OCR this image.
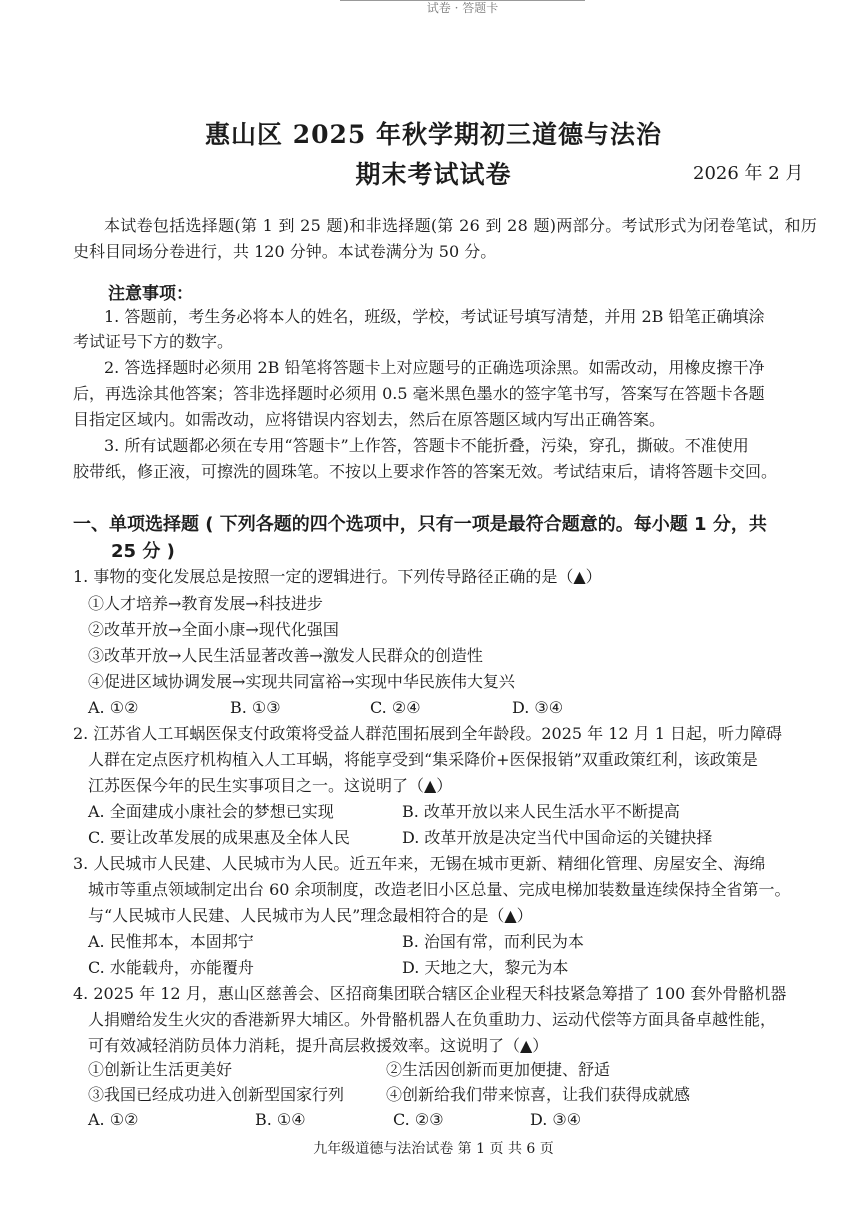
试卷 · 答题卡
惠山区 2025 年秋学期初三道德与法治
期末考试试卷	2026 年 2 月
本试卷包括选择题(第 1 到 25 题)和非选择题(第 26 到 28 题)两部分。考试形式为闭卷笔试，和历
史科目同场分卷进行，共 120 分钟。本试卷满分为 50 分。
注意事项：
1. 答题前，考生务必将本人的姓名，班级，学校，考试证号填写清楚，并用 2B 铅笔正确填涂
考试证号下方的数字。
2. 答选择题时必须用 2B 铅笔将答题卡上对应题号的正确选项涂黑。如需改动，用橡皮擦干净
后，再选涂其他答案；答非选择题时必须用 0.5 毫米黑色墨水的签字笔书写，答案写在答题卡各题
目指定区域内。如需改动，应将错误内容划去，然后在原答题区域内写出正确答案。
3. 所有试题都必须在专用“答题卡”上作答，答题卡不能折叠，污染，穿孔，撕破。不准使用
胶带纸，修正液，可擦洗的圆珠笔。不按以上要求作答的答案无效。考试结束后，请将答题卡交回。
一、单项选择题 ( 下列各题的四个选项中，只有一项是最符合题意的。每小题 1 分，共
25 分 )
1. 事物的变化发展总是按照一定的逻辑进行。下列传导路径正确的是（▲）
①人才培养→教育发展→科技进步
②改革开放→全面小康→现代化强国
③改革开放→人民生活显著改善→激发人民群众的创造性
④促进区域协调发展→实现共同富裕→实现中华民族伟大复兴
A. ①②	B. ①③	C. ②④	D. ③④
2. 江苏省人工耳蜗医保支付政策将受益人群范围拓展到全年龄段。2025 年 12 月 1 日起，听力障碍
人群在定点医疗机构植入人工耳蜗，将能享受到“集采降价+医保报销”双重政策红利，该政策是
江苏医保今年的民生实事项目之一。这说明了（▲）
A. 全面建成小康社会的梦想已实现	B. 改革开放以来人民生活水平不断提高
C. 要让改革发展的成果惠及全体人民	D. 改革开放是决定当代中国命运的关键抉择
3. 人民城市人民建、人民城市为人民。近五年来，无锡在城市更新、精细化管理、房屋安全、海绵
城市等重点领域制定出台 60 余项制度，改造老旧小区总量、完成电梯加装数量连续保持全省第一。
与“人民城市人民建、人民城市为人民”理念最相符合的是（▲）
A. 民惟邦本，本固邦宁	B. 治国有常，而利民为本
C. 水能载舟，亦能覆舟	D. 天地之大，黎元为本
4. 2025 年 12 月，惠山区慈善会、区招商集团联合辖区企业程天科技紧急筹措了 100 套外骨骼机器
人捐赠给发生火灾的香港新界大埔区。外骨骼机器人在负重助力、运动代偿等方面具备卓越性能，
可有效减轻消防员体力消耗，提升高层救援效率。这说明了（▲）
①创新让生活更美好	②生活因创新而更加便捷、舒适
③我国已经成功进入创新型国家行列	④创新给我们带来惊喜，让我们获得成就感
A. ①②	B. ①④	C. ②③	D. ③④
九年级道德与法治试卷 第 1 页 共 6 页
